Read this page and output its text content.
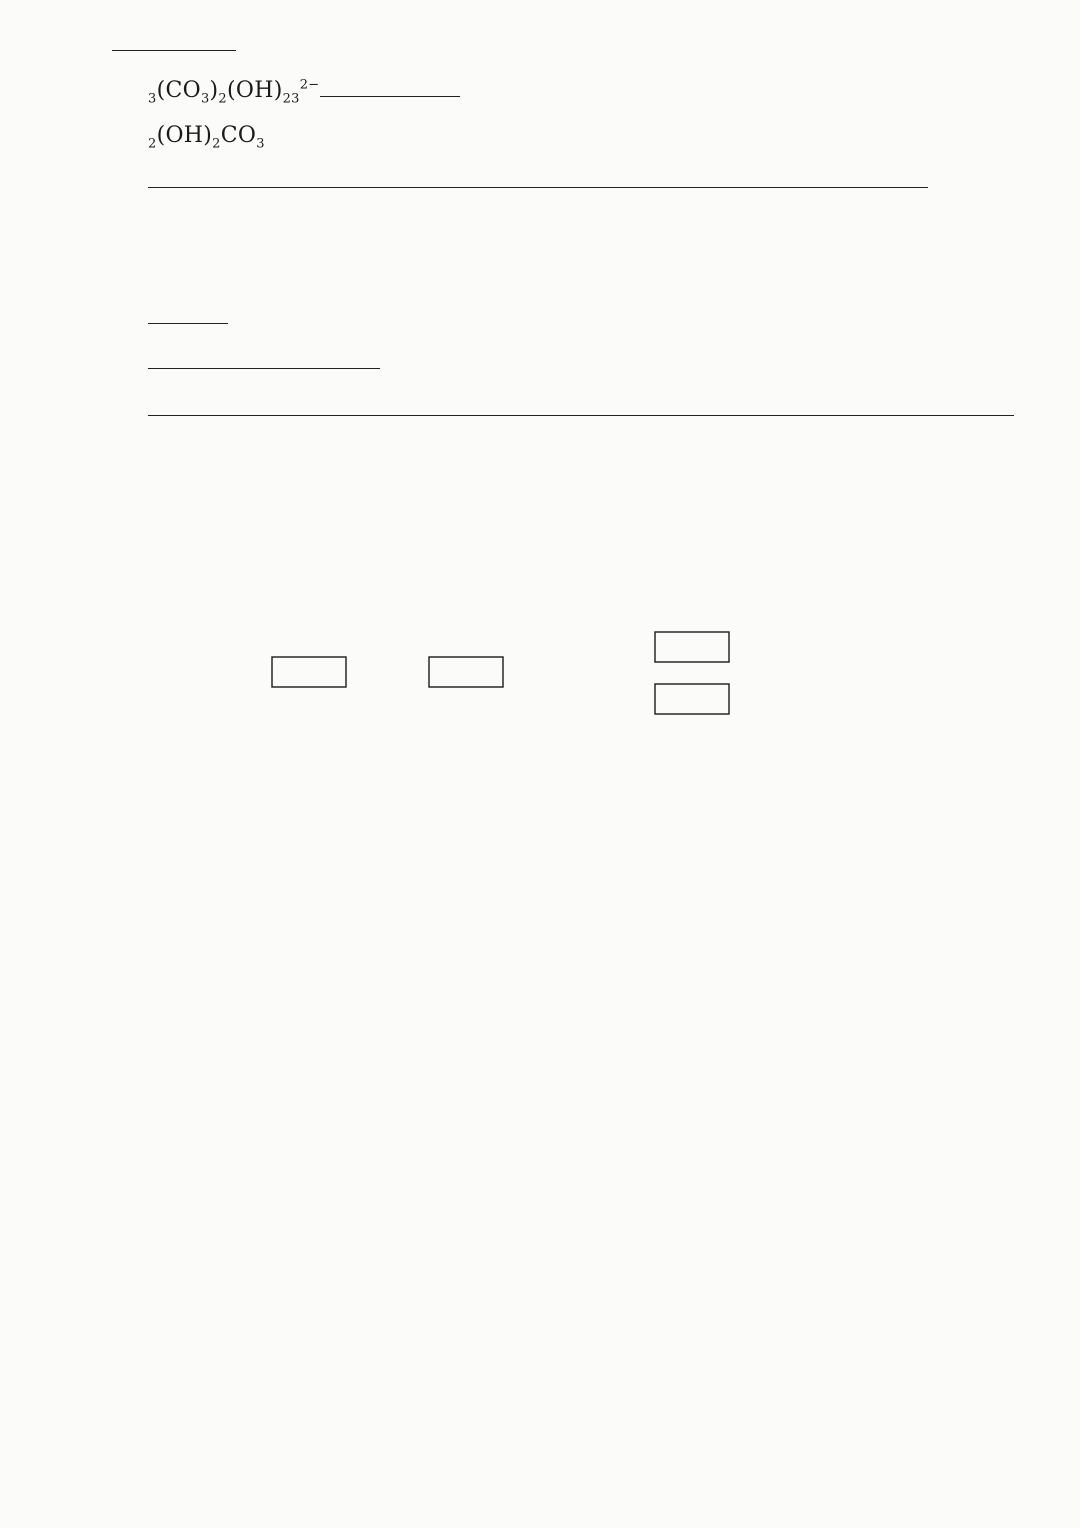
$_3(CO_3)_2(OH)_{23}^{2-}$
$_2(OH)_2CO_3$
